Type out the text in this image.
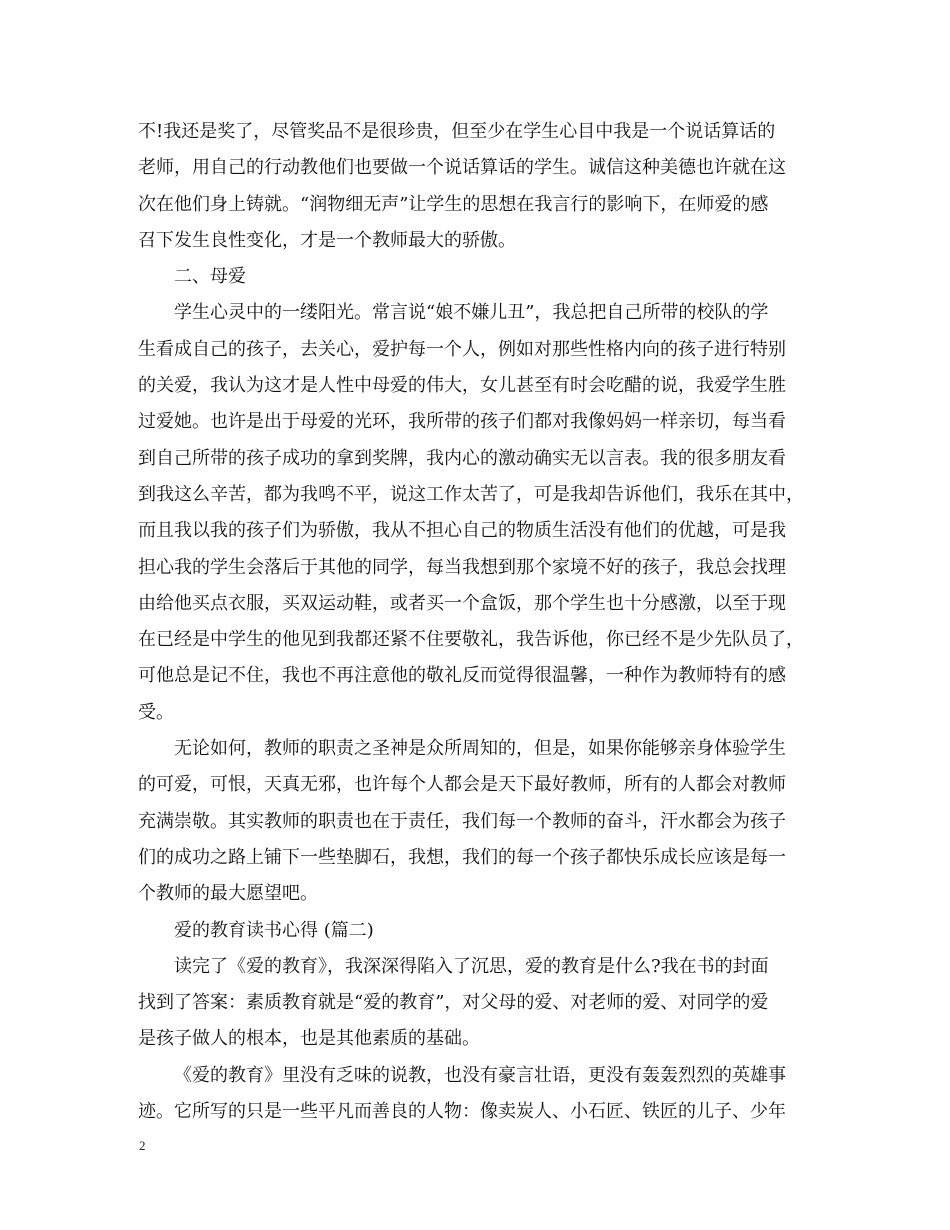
不!我还是奖了，尽管奖品不是很珍贵，但至少在学生心目中我是一个说话算话的
老师，用自己的行动教他们也要做一个说话算话的学生。诚信这种美德也许就在这
次在他们身上铸就。“润物细无声”让学生的思想在我言行的影响下，在师爱的感
召下发生良性变化，才是一个教师最大的骄傲。
二、母爱
学生心灵中的一缕阳光。常言说“娘不嫌儿丑”，我总把自己所带的校队的学
生看成自己的孩子，去关心，爱护每一个人，例如对那些性格内向的孩子进行特别
的关爱，我认为这才是人性中母爱的伟大，女儿甚至有时会吃醋的说，我爱学生胜
过爱她。也许是出于母爱的光环，我所带的孩子们都对我像妈妈一样亲切，每当看
到自己所带的孩子成功的拿到奖牌，我内心的激动确实无以言表。我的很多朋友看
到我这么辛苦，都为我鸣不平，说这工作太苦了，可是我却告诉他们，我乐在其中，
而且我以我的孩子们为骄傲，我从不担心自己的物质生活没有他们的优越，可是我
担心我的学生会落后于其他的同学，每当我想到那个家境不好的孩子，我总会找理
由给他买点衣服，买双运动鞋，或者买一个盒饭，那个学生也十分感激，以至于现
在已经是中学生的他见到我都还紧不住要敬礼，我告诉他，你已经不是少先队员了，
可他总是记不住，我也不再注意他的敬礼反而觉得很温馨，一种作为教师特有的感
受。
无论如何，教师的职责之圣神是众所周知的，但是，如果你能够亲身体验学生
的可爱，可恨，天真无邪，也许每个人都会是天下最好教师，所有的人都会对教师
充满崇敬。其实教师的职责也在于责任，我们每一个教师的奋斗，汗水都会为孩子
们的成功之路上铺下一些垫脚石，我想，我们的每一个孩子都快乐成长应该是每一
个教师的最大愿望吧。
爱的教育读书心得 (篇二)
读完了《爱的教育》，我深深得陷入了沉思，爱的教育是什么?我在书的封面
找到了答案：素质教育就是“爱的教育”，对父母的爱、对老师的爱、对同学的爱
是孩子做人的根本，也是其他素质的基础。
《爱的教育》里没有乏味的说教，也没有豪言壮语，更没有轰轰烈烈的英雄事
迹。它所写的只是一些平凡而善良的人物：像卖炭人、小石匠、铁匠的儿子、少年
2
